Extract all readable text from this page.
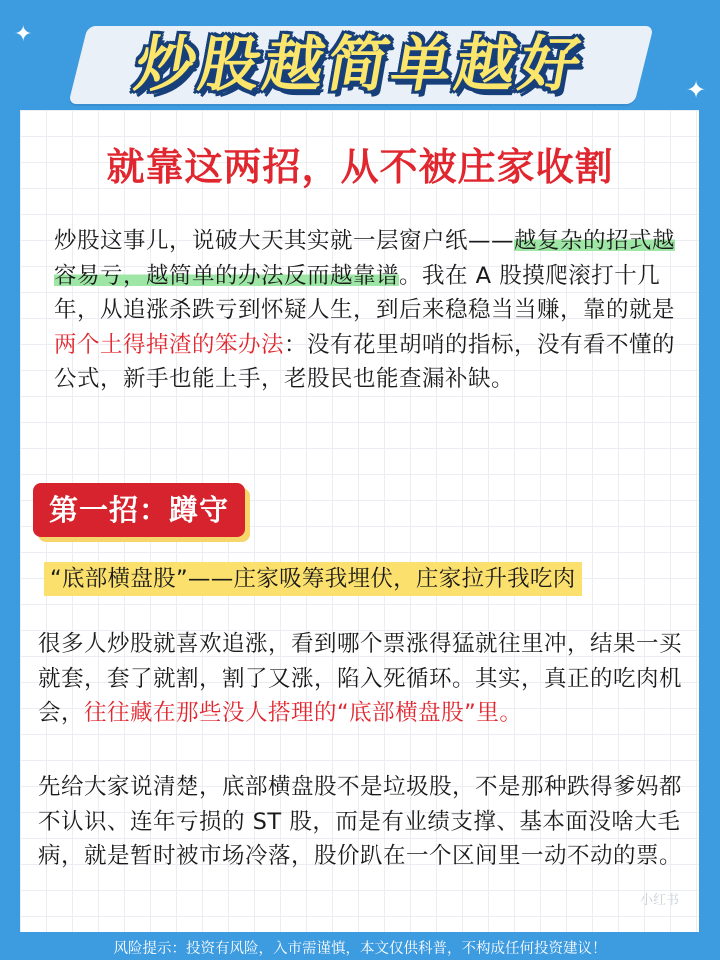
✦
✦
炒股越简单越好
就靠这两招，从不被庄家收割
炒股这事儿，说破大天其实就一层窗户纸——越复杂的招式越容易亏，越简单的办法反而越靠谱。我在 A 股摸爬滚打十几年，从追涨杀跌亏到怀疑人生，到后来稳稳当当赚，靠的就是两个土得掉渣的笨办法：没有花里胡哨的指标，没有看不懂的公式，新手也能上手，老股民也能查漏补缺。
第一招：蹲守
“底部横盘股”——庄家吸筹我埋伏，庄家拉升我吃肉
很多人炒股就喜欢追涨，看到哪个票涨得猛就往里冲，结果一买就套，套了就割，割了又涨，陷入死循环。其实，真正的吃肉机会，往往藏在那些没人搭理的“底部横盘股”里。
先给大家说清楚，底部横盘股不是垃圾股，不是那种跌得爹妈都不认识、连年亏损的 ST 股，而是有业绩支撑、基本面没啥大毛病，就是暂时被市场冷落，股价趴在一个区间里一动不动的票。
小红书
风险提示：投资有风险，入市需谨慎，本文仅供科普，不构成任何投资建议！
